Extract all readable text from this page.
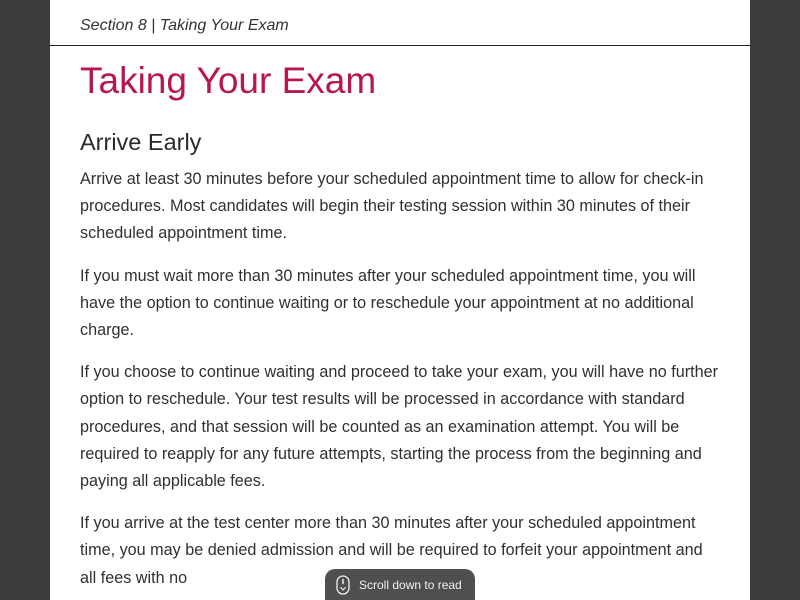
Section 8 | Taking Your Exam
Taking Your Exam
Arrive Early

Arrive at least 30 minutes before your scheduled appointment time to allow for check-in procedures. Most candidates will begin their testing session within 30 minutes of their scheduled appointment time.

If you must wait more than 30 minutes after your scheduled appointment time, you will have the option to continue waiting or to reschedule your appointment at no additional charge.

If you choose to continue waiting and proceed to take your exam, you will have no further option to reschedule. Your test results will be processed in accordance with standard procedures, and that session will be counted as an examination attempt. You will be required to reapply for any future attempts, starting the process from the beginning and paying all applicable fees.

If you arrive at the test center more than 30 minutes after your scheduled appointment time, you may be denied admission and will be required to forfeit your appointment and all fees with no	Scroll down to read
